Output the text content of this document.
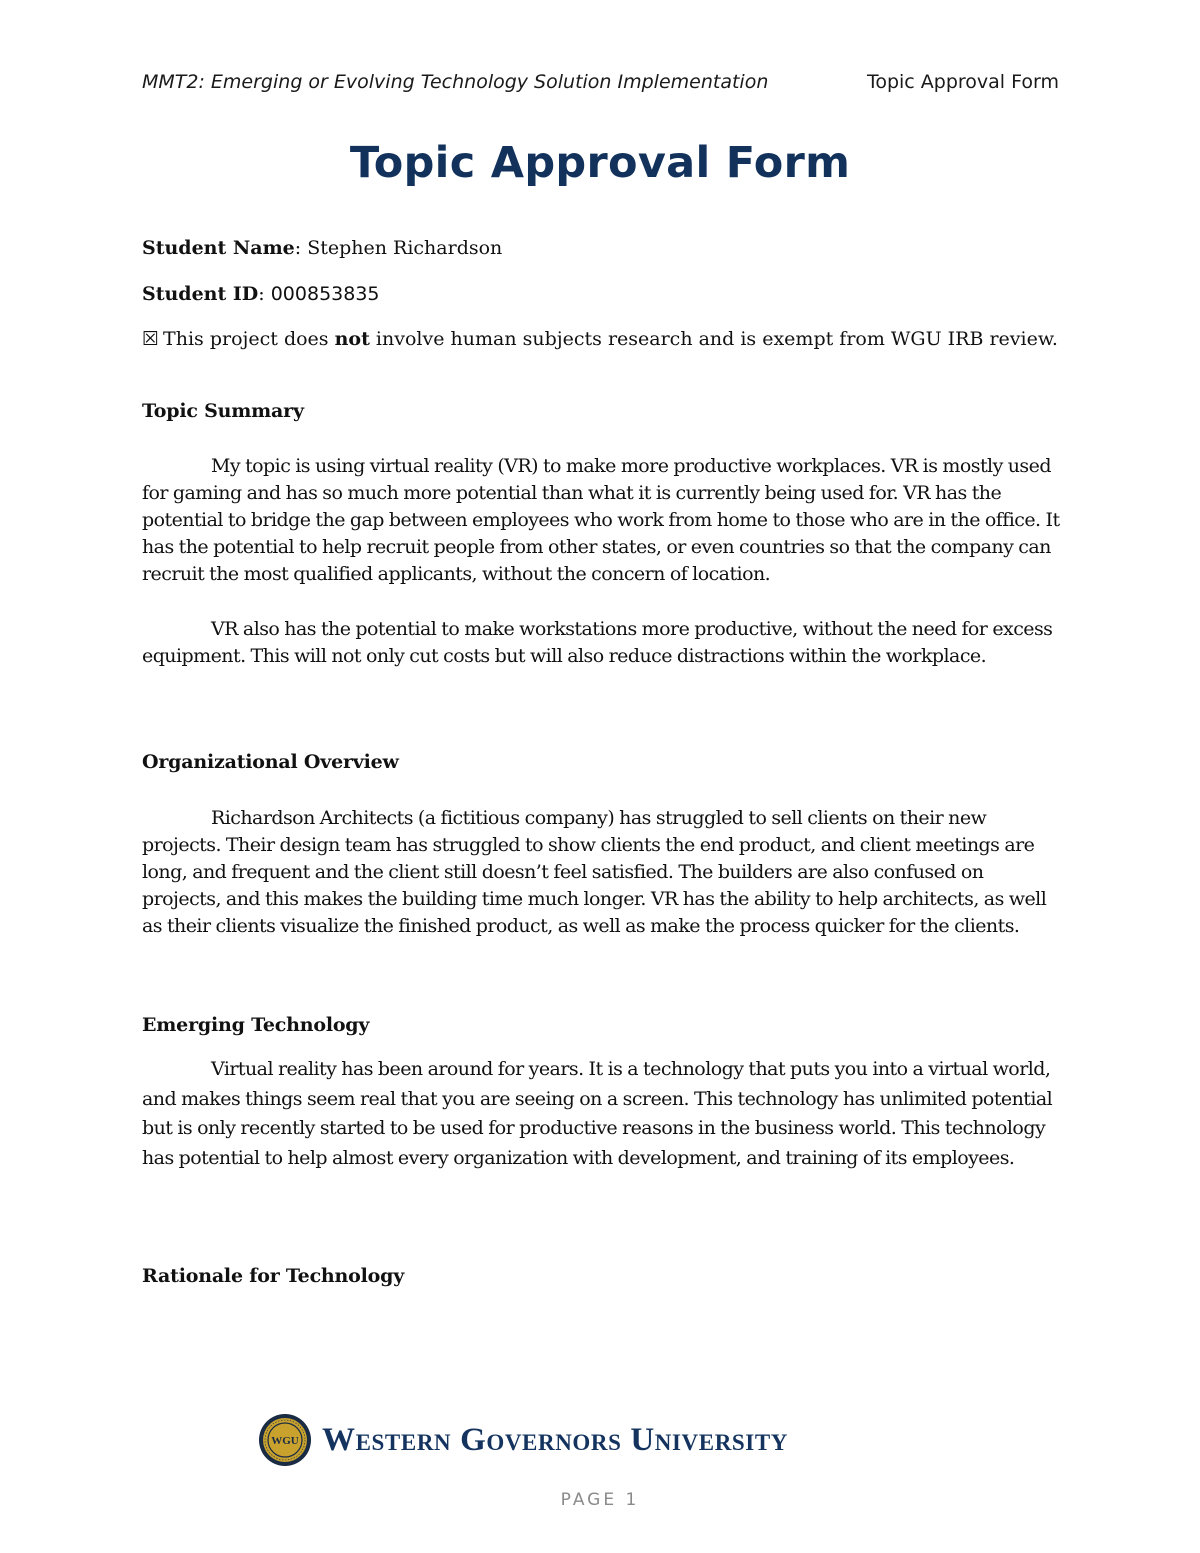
MMT2: Emerging or Evolving Technology Solution Implementation	Topic Approval Form
Topic Approval Form
Student Name: Stephen Richardson
Student ID: 000853835
☒ This project does not involve human subjects research and is exempt from WGU IRB review.
Topic Summary

My topic is using virtual reality (VR) to make more productive workplaces. VR is mostly used for gaming and has so much more potential than what it is currently being used for. VR has the potential to bridge the gap between employees who work from home to those who are in the office. It has the potential to help recruit people from other states, or even countries so that the company can recruit the most qualified applicants, without the concern of location.

VR also has the potential to make workstations more productive, without the need for excess equipment. This will not only cut costs but will also reduce distractions within the workplace.

Organizational Overview

Richardson Architects (a fictitious company) has struggled to sell clients on their new projects. Their design team has struggled to show clients the end product, and client meetings are long, and frequent and the client still doesn’t feel satisfied. The builders are also confused on projects, and this makes the building time much longer. VR has the ability to help architects, as well as their clients visualize the finished product, as well as make the process quicker for the clients.

Emerging Technology

Virtual reality has been around for years. It is a technology that puts you into a virtual world, and makes things seem real that you are seeing on a screen. This technology has unlimited potential but is only recently started to be used for productive reasons in the business world. This technology has potential to help almost every organization with development, and training of its employees.

Rationale for Technology
WGU Western Governors University
PAGE 1
